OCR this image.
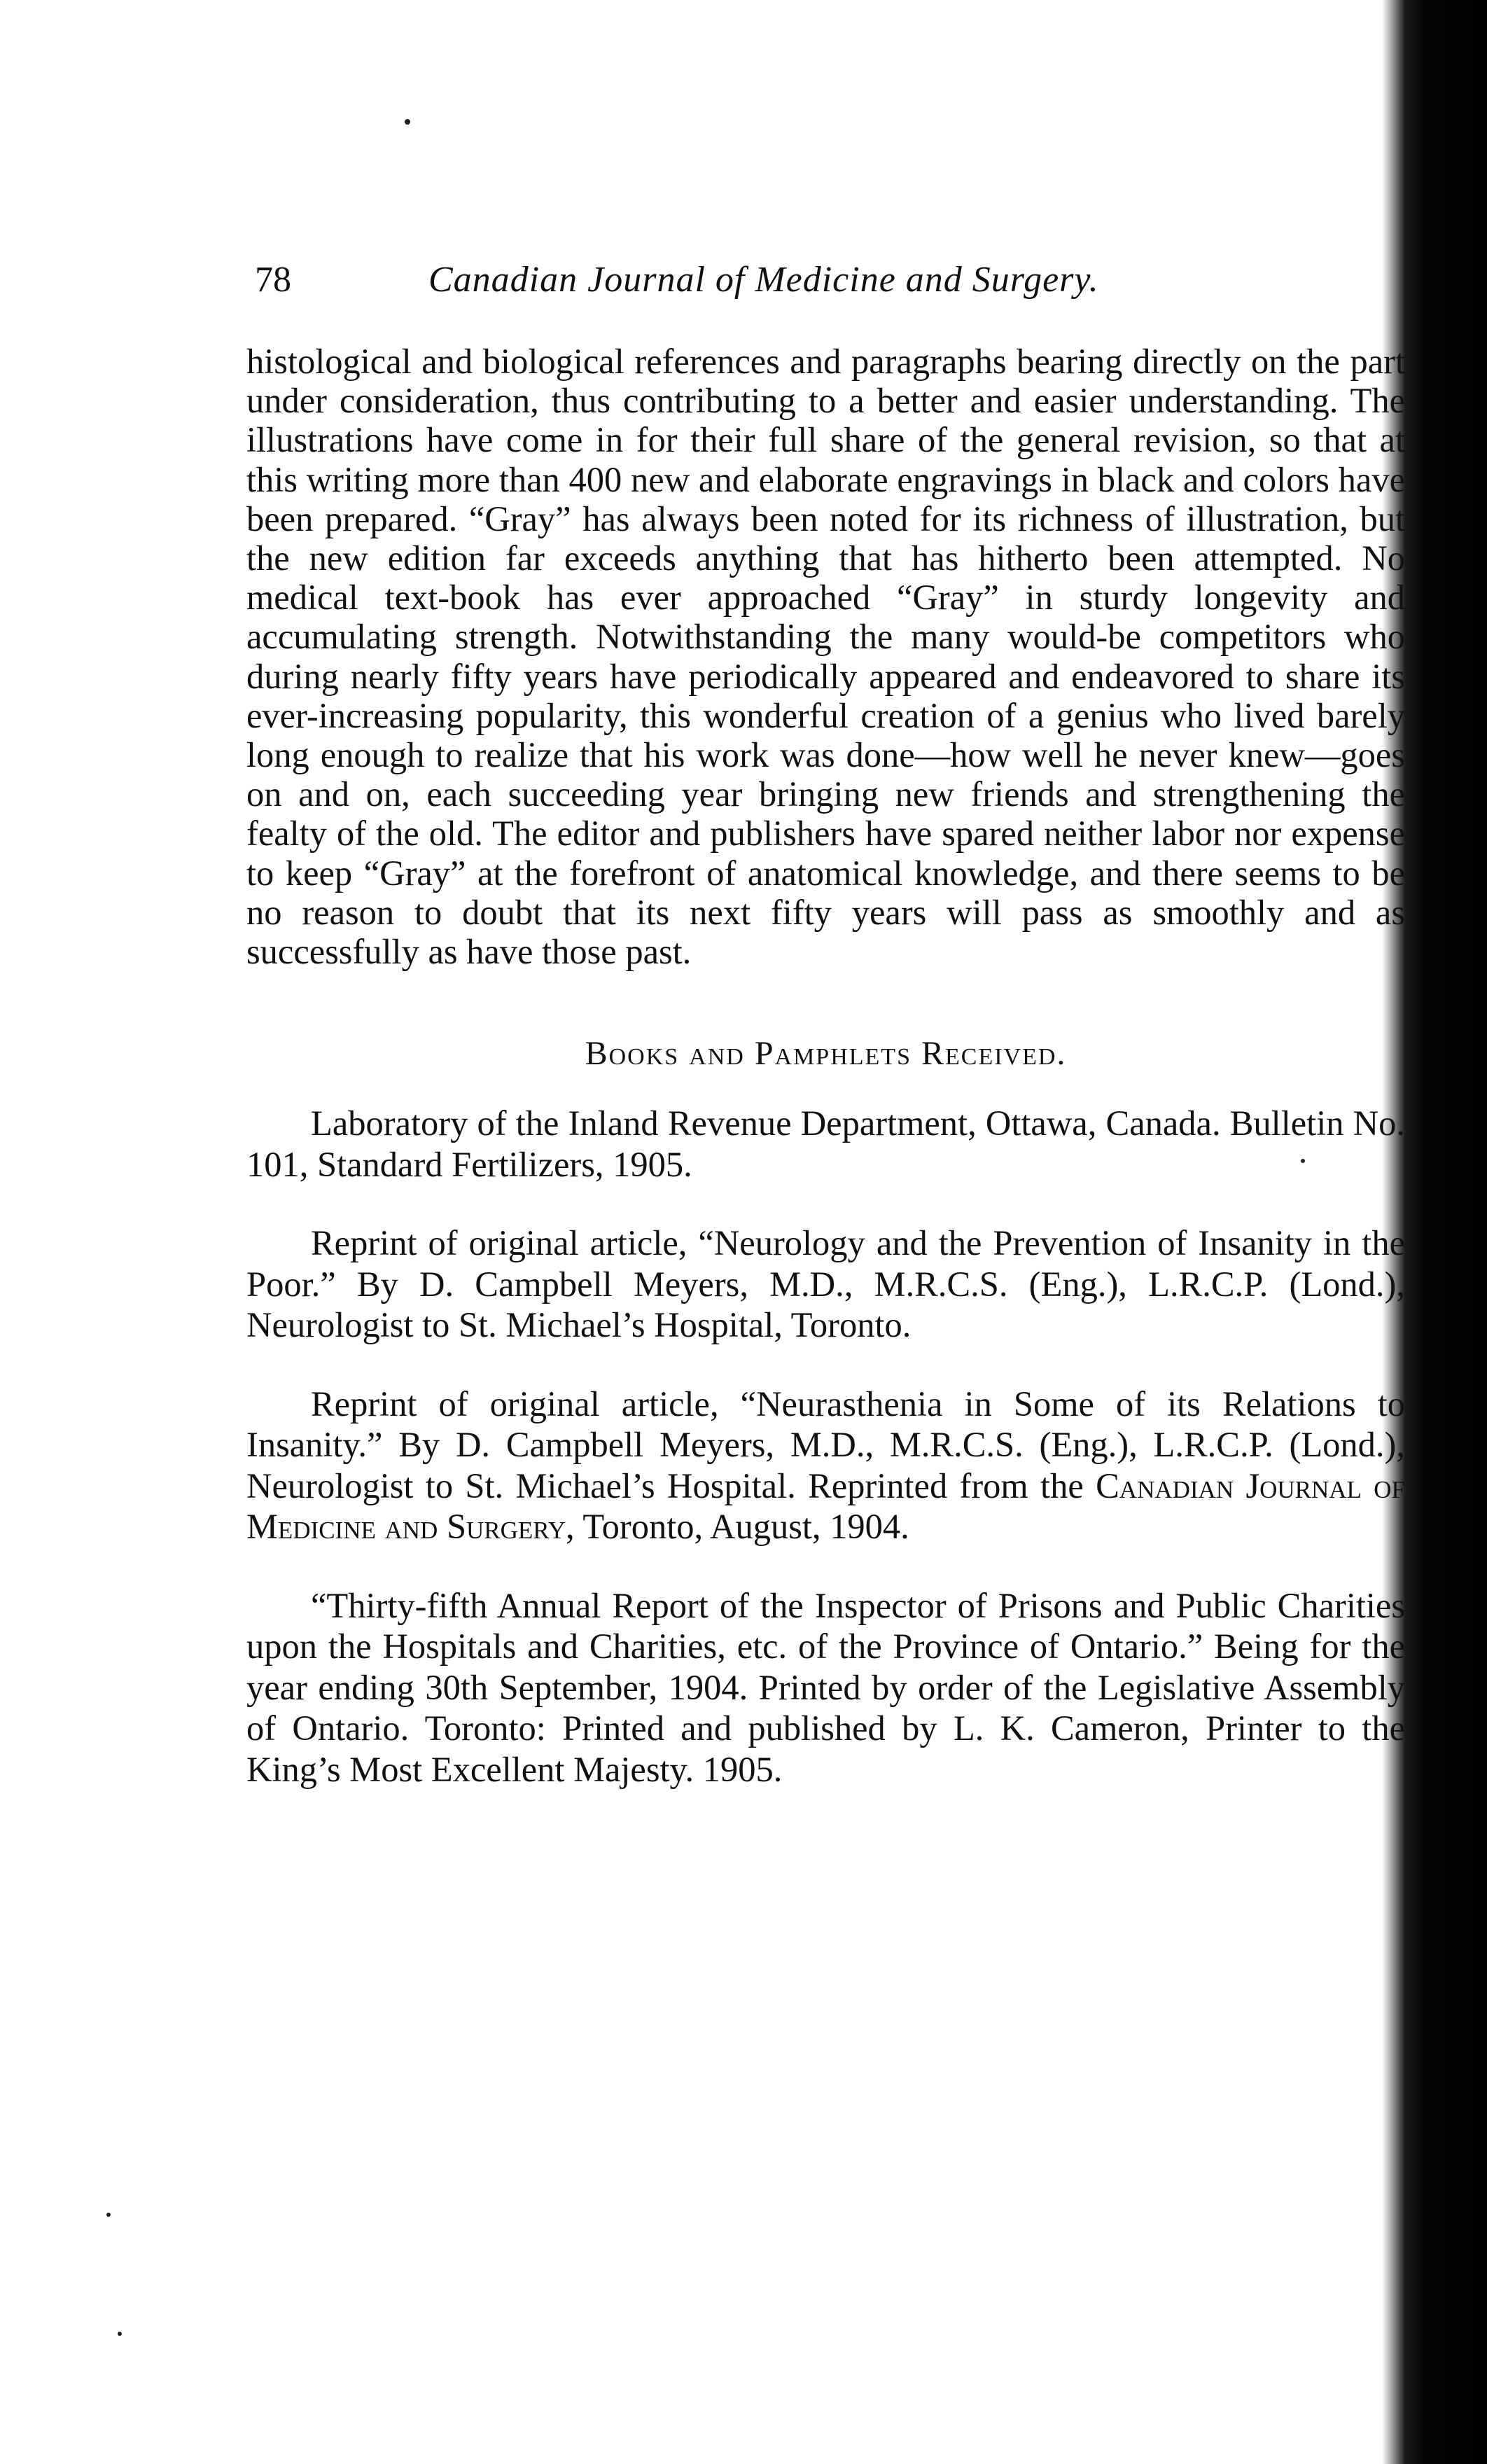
78	Canadian Journal of Medicine and Surgery.

histological and biological references and paragraphs bearing directly on the part under consideration, thus contributing to a better and easier understanding. The illustrations have come in for their full share of the general revision, so that at this writing more than 400 new and elaborate engravings in black and colors have been prepared. “Gray” has always been noted for its richness of illustration, but the new edition far exceeds anything that has hitherto been attempted. No medical text-book has ever approached “Gray” in sturdy longevity and accumulating strength. Notwithstanding the many would-be competitors who during nearly fifty years have periodically appeared and endeavored to share its ever-increasing popularity, this wonderful creation of a genius who lived barely long enough to realize that his work was done—how well he never knew—goes on and on, each succeeding year bringing new friends and strengthening the fealty of the old. The editor and publishers have spared neither labor nor expense to keep “Gray” at the forefront of anatomical knowledge, and there seems to be no reason to doubt that its next fifty years will pass as smoothly and as successfully as have those past.

Books and Pamphlets Received.

Laboratory of the Inland Revenue Department, Ottawa, Canada. Bulletin No. 101, Standard Fertilizers, 1905.

Reprint of original article, “Neurology and the Prevention of Insanity in the Poor.” By D. Campbell Meyers, M.D., M.R.C.S. (Eng.), L.R.C.P. (Lond.), Neurologist to St. Michael’s Hospital, Toronto.

Reprint of original article, “Neurasthenia in Some of its Relations to Insanity.” By D. Campbell Meyers, M.D., M.R.C.S. (Eng.), L.R.C.P. (Lond.), Neurologist to St. Michael’s Hospital. Reprinted from the Canadian Journal of Medicine and Surgery, Toronto, August, 1904.

“Thirty-fifth Annual Report of the Inspector of Prisons and Public Charities upon the Hospitals and Charities, etc. of the Province of Ontario.” Being for the year ending 30th September, 1904. Printed by order of the Legislative Assembly of Ontario. Toronto: Printed and published by L. K. Cameron, Printer to the King’s Most Excellent Majesty. 1905.
